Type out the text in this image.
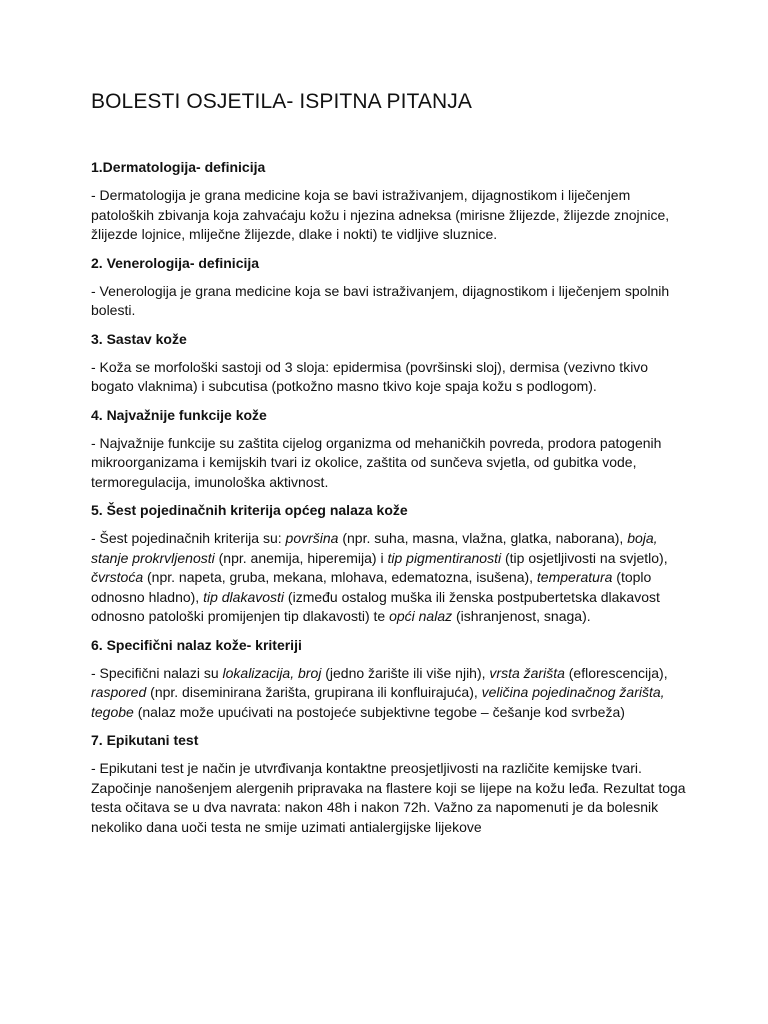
BOLESTI OSJETILA- ISPITNA PITANJA
1.Dermatologija- definicija
- Dermatologija je grana medicine koja se bavi istraživanjem, dijagnostikom i liječenjem patoloških zbivanja koja zahvaćaju kožu i njezina adneksa (mirisne žlijezde, žlijezde znojnice, žlijezde lojnice, mliječne žlijezde, dlake i nokti) te vidljive sluznice.
2. Venerologija- definicija
- Venerologija je grana medicine koja se bavi istraživanjem, dijagnostikom i liječenjem spolnih bolesti.
3. Sastav kože
- Koža se morfološki sastoji od 3 sloja: epidermisa (površinski sloj), dermisa (vezivno tkivo bogato vlaknima) i subcutisa (potkožno masno tkivo koje spaja kožu s podlogom).
4. Najvažnije funkcije kože
- Najvažnije funkcije su zaštita cijelog organizma od mehaničkih povreda, prodora patogenih mikroorganizama i kemijskih tvari iz okolice, zaštita od sunčeva svjetla, od gubitka vode, termoregulacija, imunološka aktivnost.
5. Šest pojedinačnih kriterija općeg nalaza kože
- Šest pojedinačnih kriterija su: površina (npr. suha, masna, vlažna, glatka, naborana), boja, stanje prokrvljenosti (npr. anemija, hiperemija) i tip pigmentiranosti (tip osjetljivosti na svjetlo), čvrstoća (npr. napeta, gruba, mekana, mlohava, edematozna, isušena), temperatura (toplo odnosno hladno), tip dlakavosti (između ostalog muška ili ženska postpubertetska dlakavost odnosno patološki promijenjen tip dlakavosti) te opći nalaz (ishranjenost, snaga).
6. Specifični nalaz kože- kriteriji
- Specifični nalazi su lokalizacija, broj (jedno žarište ili više njih), vrsta žarišta (eflorescencija), raspored (npr. diseminirana žarišta, grupirana ili konfluirajuća), veličina pojedinačnog žarišta, tegobe (nalaz može upućivati na postojeće subjektivne tegobe – češanje kod svrbeža)
7. Epikutani test
- Epikutani test je način je utvrđivanja kontaktne preosjetljivosti na različite kemijske tvari. Započinje nanošenjem alergenih pripravaka na flastere koji se lijepe na kožu leđa. Rezultat toga testa očitava se u dva navrata: nakon 48h i nakon 72h. Važno za napomenuti je da bolesnik nekoliko dana uoči testa ne smije uzimati antialergijske lijekove
